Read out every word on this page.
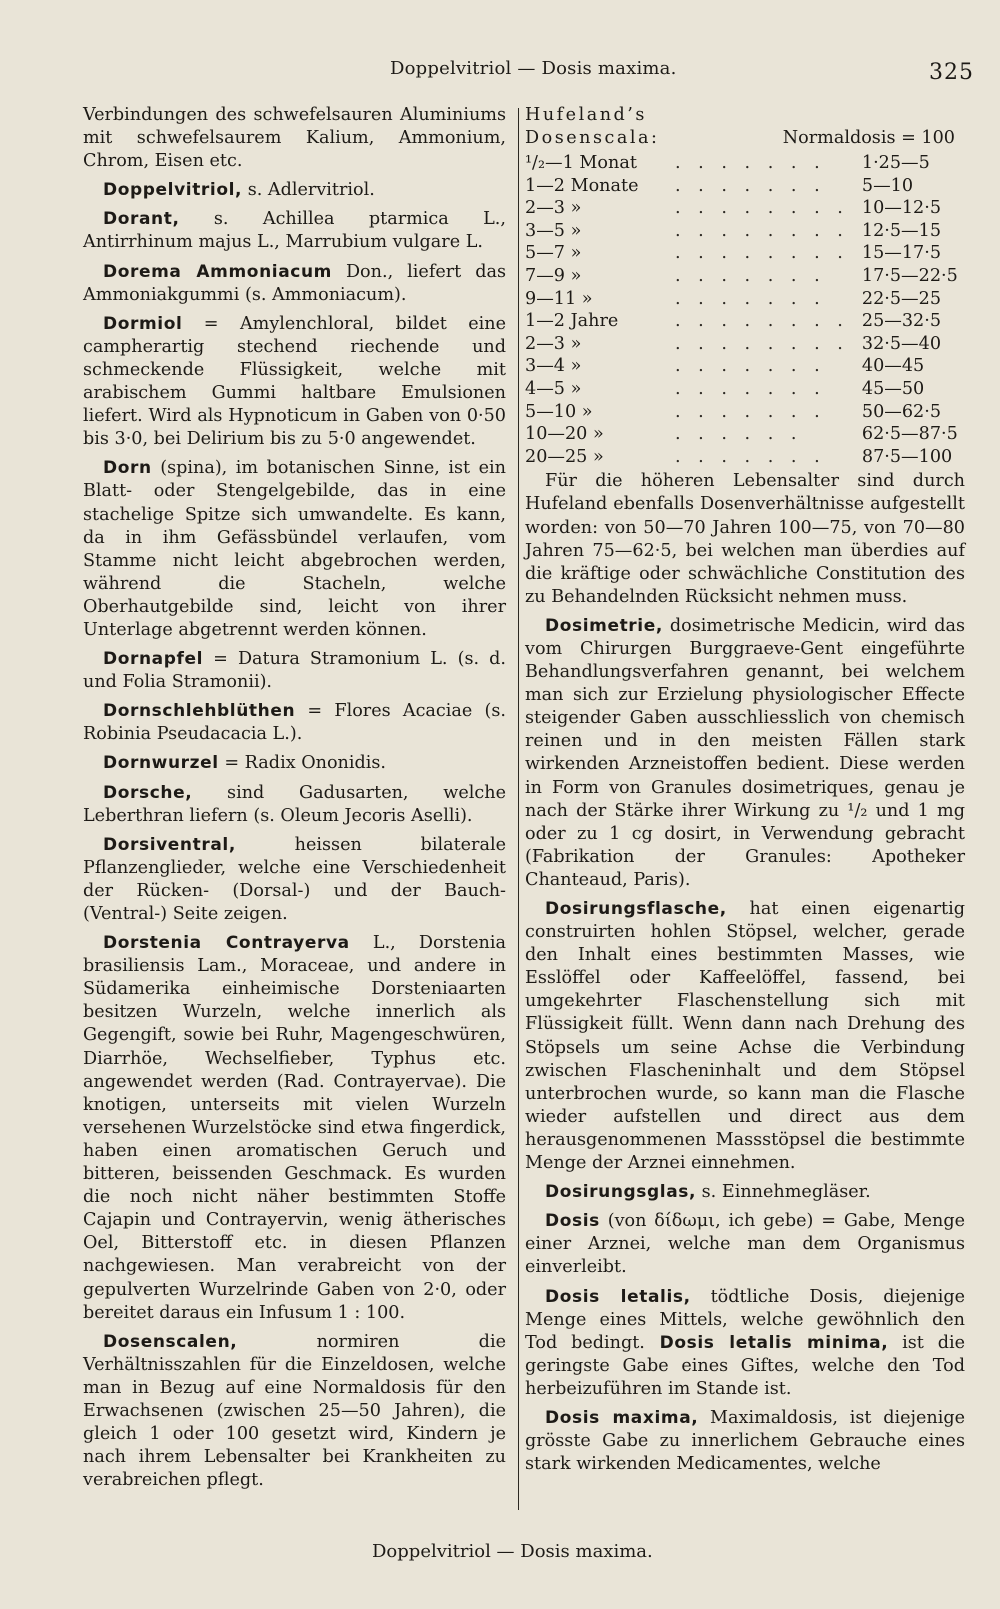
Doppelvitriol — Dosis maxima.	325

Verbindungen des schwefelsauren Aluminiums mit schwefelsaurem Kalium, Ammonium, Chrom, Eisen etc.

Doppelvitriol, s. Adlervitriol.

Dorant, s. Achillea ptarmica L., Antirrhinum majus L., Marrubium vulgare L.

Dorema Ammoniacum Don., liefert das Ammoniakgummi (s. Ammoniacum).

Dormiol = Amylenchloral, bildet eine campherartig stechend riechende und schmeckende Flüssigkeit, welche mit arabischem Gummi haltbare Emulsionen liefert. Wird als Hypnoticum in Gaben von 0·50 bis 3·0, bei Delirium bis zu 5·0 angewendet.

Dorn (spina), im botanischen Sinne, ist ein Blatt- oder Stengelgebilde, das in eine stachelige Spitze sich umwandelte. Es kann, da in ihm Gefässbündel verlaufen, vom Stamme nicht leicht abgebrochen werden, während die Stacheln, welche Oberhautgebilde sind, leicht von ihrer Unterlage abgetrennt werden können.

Dornapfel = Datura Stramonium L. (s. d. und Folia Stramonii).

Dornschlehblüthen = Flores Acaciae (s. Robinia Pseudacacia L.).

Dornwurzel = Radix Ononidis.

Dorsche, sind Gadusarten, welche Leberthran liefern (s. Oleum Jecoris Aselli).

Dorsiventral, heissen bilaterale Pflanzenglieder, welche eine Verschiedenheit der Rücken- (Dorsal-) und der Bauch- (Ventral-) Seite zeigen.

Dorstenia Contrayerva L., Dorstenia brasiliensis Lam., Moraceae, und andere in Südamerika einheimische Dorsteniaarten besitzen Wurzeln, welche innerlich als Gegengift, sowie bei Ruhr, Magengeschwüren, Diarrhöe, Wechselfieber, Typhus etc. angewendet werden (Rad. Contrayervae). Die knotigen, unterseits mit vielen Wurzeln versehenen Wurzelstöcke sind etwa fingerdick, haben einen aromatischen Geruch und bitteren, beissenden Geschmack. Es wurden die noch nicht näher bestimmten Stoffe Cajapin und Contrayervin, wenig ätherisches Oel, Bitterstoff etc. in diesen Pflanzen nachgewiesen. Man verabreicht von der gepulverten Wurzelrinde Gaben von 2·0, oder bereitet daraus ein Infusum 1 : 100.

Dosenscalen, normiren die Verhältnisszahlen für die Einzeldosen, welche man in Bezug auf eine Normaldosis für den Erwachsenen (zwischen 25—50 Jahren), die gleich 1 oder 100 gesetzt wird, Kindern je nach ihrem Lebensalter bei Krankheiten zu verabreichen pflegt.

Hufeland’s
Dosenscala:	Normaldosis = 100
¹/₂—1 Monat	. . . . . . .	1·25—5
1—2 Monate	. . . . . . .	5—10
2—3 »	. . . . . . . .	10—12·5
3—5 »	. . . . . . . .	12·5—15
5—7 »	. . . . . . . .	15—17·5
7—9 »	. . . . . . .	17·5—22·5
9—11 »	. . . . . . .	22·5—25
1—2 Jahre	. . . . . . . .	25—32·5
2—3 »	. . . . . . . .	32·5—40
3—4 »	. . . . . . .	40—45
4—5 »	. . . . . . .	45—50
5—10 »	. . . . . . .	50—62·5
10—20 »	. . . . . .	62·5—87·5
20—25 »	. . . . . . .	87·5—100

Für die höheren Lebensalter sind durch Hufeland ebenfalls Dosenverhältnisse aufgestellt worden: von 50—70 Jahren 100—75, von 70—80 Jahren 75—62·5, bei welchen man überdies auf die kräftige oder schwächliche Constitution des zu Behandelnden Rücksicht nehmen muss.

Dosimetrie, dosimetrische Medicin, wird das vom Chirurgen Burggraeve-Gent eingeführte Behandlungsverfahren genannt, bei welchem man sich zur Erzielung physiologischer Effecte steigender Gaben ausschliesslich von chemisch reinen und in den meisten Fällen stark wirkenden Arzneistoffen bedient. Diese werden in Form von Granules dosimetriques, genau je nach der Stärke ihrer Wirkung zu ¹/₂ und 1 mg oder zu 1 cg dosirt, in Verwendung gebracht (Fabrikation der Granules: Apotheker Chanteaud, Paris).

Dosirungsflasche, hat einen eigenartig construirten hohlen Stöpsel, welcher, gerade den Inhalt eines bestimmten Masses, wie Esslöffel oder Kaffeelöffel, fassend, bei umgekehrter Flaschenstellung sich mit Flüssigkeit füllt. Wenn dann nach Drehung des Stöpsels um seine Achse die Verbindung zwischen Flascheninhalt und dem Stöpsel unterbrochen wurde, so kann man die Flasche wieder aufstellen und direct aus dem herausgenommenen Massstöpsel die bestimmte Menge der Arznei einnehmen.

Dosirungsglas, s. Einnehmegläser.

Dosis (von δίδωμι, ich gebe) = Gabe, Menge einer Arznei, welche man dem Organismus einverleibt.

Dosis letalis, tödtliche Dosis, diejenige Menge eines Mittels, welche gewöhnlich den Tod bedingt. Dosis letalis minima, ist die geringste Gabe eines Giftes, welche den Tod herbeizuführen im Stande ist.

Dosis maxima, Maximaldosis, ist diejenige grösste Gabe zu innerlichem Gebrauche eines stark wirkenden Medicamentes, welche

Doppelvitriol — Dosis maxima.
